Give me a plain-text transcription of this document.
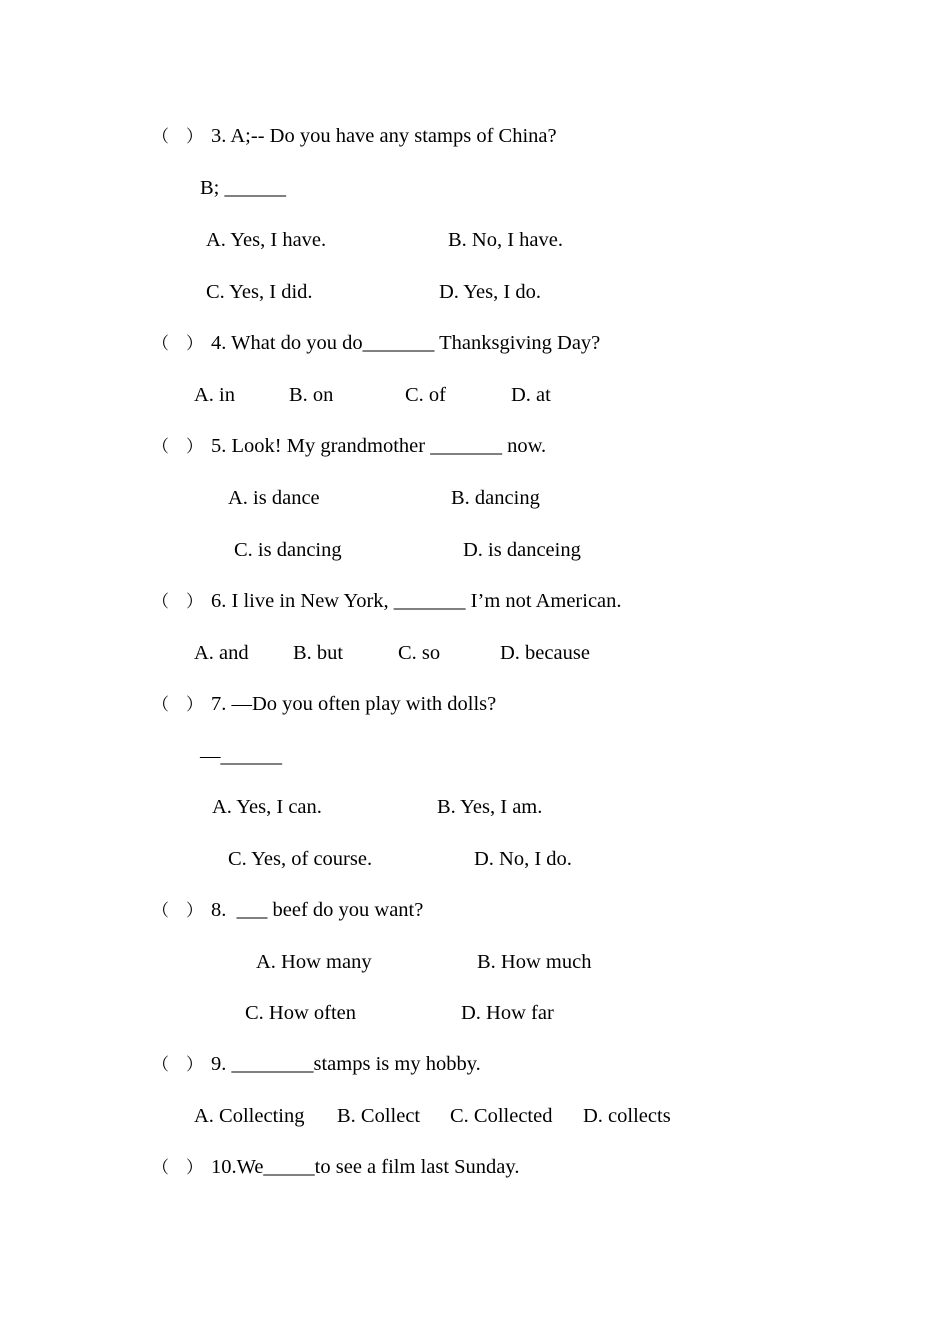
（ ） 3. A;-- Do you have any stamps of China?
B; ______
A. Yes, I have.	B. No, I have.
C. Yes, I did.	D. Yes, I do.
（ ） 4. What do you do_______ Thanksgiving Day?
A. in	B. on	C. of	D. at
（ ） 5. Look! My grandmother _______ now.
A. is dance	B. dancing
C. is dancing	D. is danceing
（ ） 6. I live in New York, _______ I’m not American.
A. and B. but	C. so	D. because
（ ） 7. —Do you often play with dolls?
—______
A. Yes, I can.	B. Yes, I am.
C. Yes, of course.	D. No, I do.
（ ） 8.  ___ beef do you want?
A. How many	B. How much
C. How often	D. How far
（ ） 9. ________stamps is my hobby.
A. Collecting B. Collect C. Collected D. collects
（ ） 10.We_____to see a film last Sunday.
